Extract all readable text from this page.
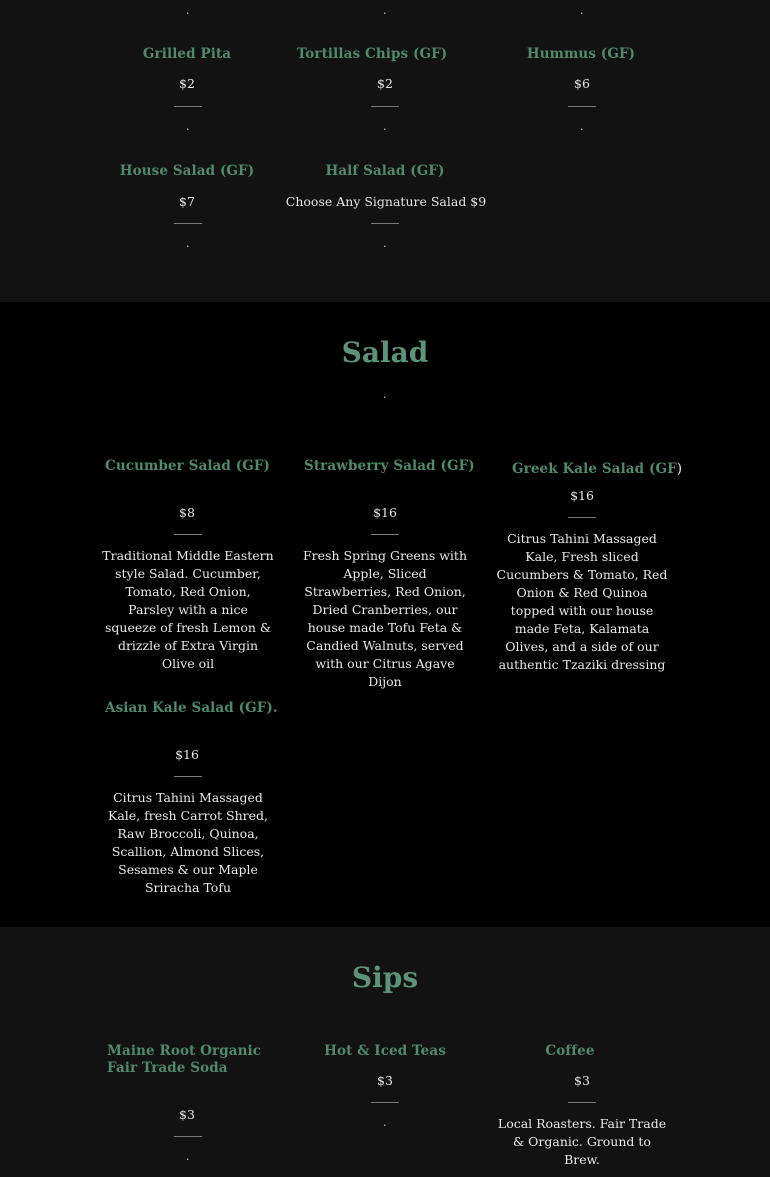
.	.	.
Grilled Pita
$2
.
Tortillas Chips (GF)
$2
.
Hummus (GF)
$6
.
House Salad (GF)
$7
.
Half Salad (GF)
Choose Any Signature Salad $9
.
Salad
.
Cucumber Salad (GF)
$8
Traditional Middle Eastern style Salad. Cucumber, Tomato, Red Onion, Parsley with a nice squeeze of fresh Lemon & drizzle of Extra Virgin Olive oil
Strawberry Salad (GF)
$16
Fresh Spring Greens with Apple, Sliced Strawberries, Red Onion, Dried Cranberries, our house made Tofu Feta & Candied Walnuts, served with our Citrus Agave Dijon
Greek Kale Salad (GF)
$16
Citrus Tahini Massaged Kale, Fresh sliced Cucumbers & Tomato, Red Onion & Red Quinoa topped with our house made Feta, Kalamata Olives, and a side of our authentic Tzaziki dressing
Asian Kale Salad (GF).
$16
Citrus Tahini Massaged Kale, fresh Carrot Shred, Raw Broccoli, Quinoa, Scallion, Almond Slices, Sesames & our Maple Sriracha Tofu
Sips
Maine Root Organic Fair Trade Soda
$3
.
Hot & Iced Teas
$3
.
Coffee
$3
Local Roasters. Fair Trade & Organic. Ground to Brew.
